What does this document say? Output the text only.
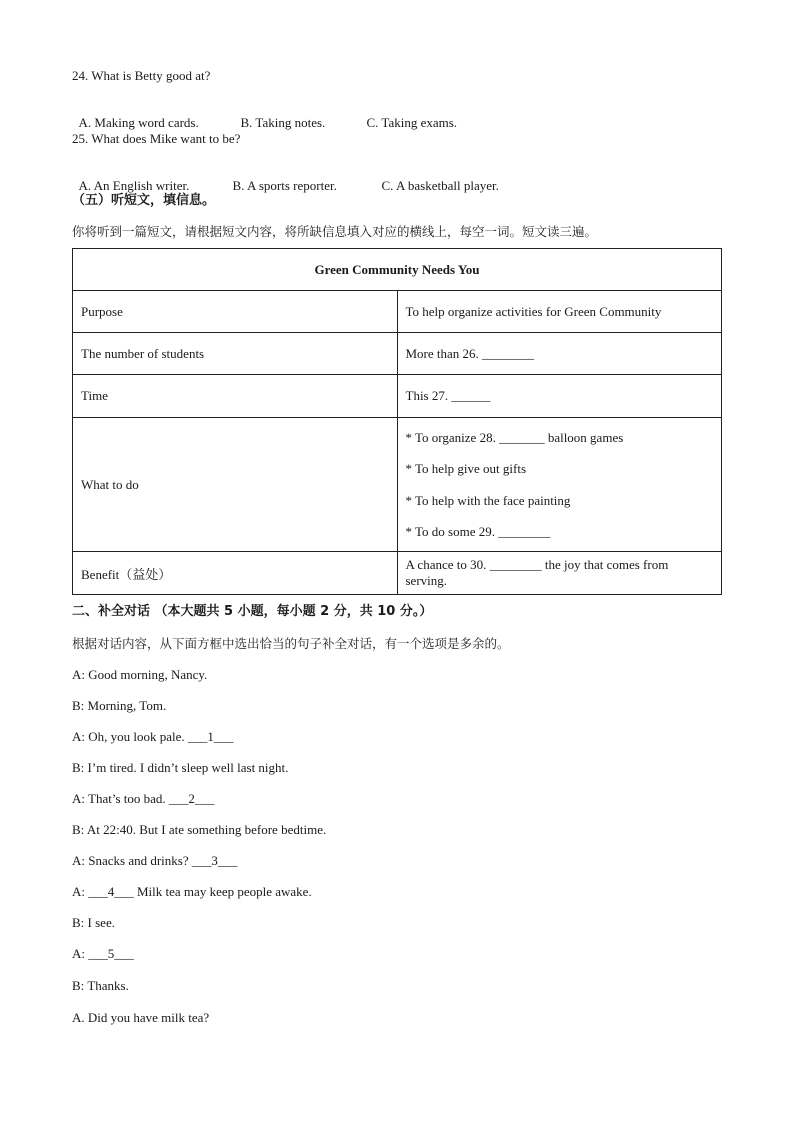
24. What is Betty good at?

A. Making word cards.	B. Taking notes.	C. Taking exams.

25. What does Mike want to be?

A. An English writer.	B. A sports reporter.	C. A basketball player.

（五）听短文，填信息。
你将听到一篇短文，请根据短文内容，将所缺信息填入对应的横线上，每空一词。短文读三遍。
Green Community Needs You	
Purpose	To help organize activities for Green Community
The number of students	More than 26. ________
Time	This 27. ______
What to do	* To organize 28. _______ balloon games
* To help give out gifts
* To help with the face painting
* To do some 29. ________

Benefit（益处）	A chance to 30. ________ the joy that comes from serving.
二、补全对话 （本大题共 5 小题，每小题 2 分，共 10 分。）
根据对话内容，从下面方框中选出恰当的句子补全对话，有一个选项是多余的。
A: Good morning, Nancy.
B: Morning, Tom.
A: Oh, you look pale. ___1___
B: I’m tired. I didn’t sleep well last night.
A: That’s too bad. ___2___
B: At 22:40. But I ate something before bedtime.
A: Snacks and drinks? ___3___
A: ___4___ Milk tea may keep people awake.
B: I see.
A: ___5___
B: Thanks.
A. Did you have milk tea?
